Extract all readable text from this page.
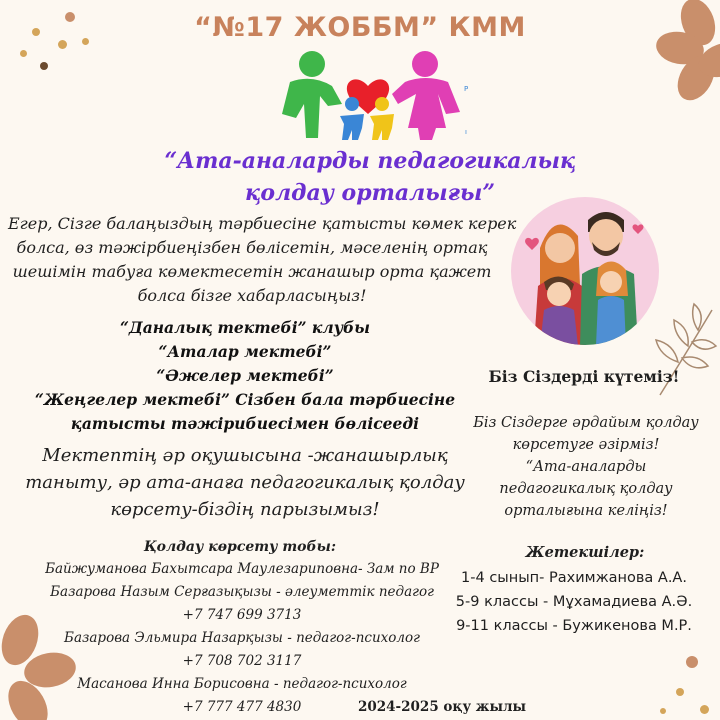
“№17 ЖОББМ” КММ
P
ı
“Ата-аналарды педагогикалық
қолдау орталығы”
Егер, Сізге балаңыздың тәрбиесіне қатысты көмек керек
болса, өз тәжірбиеңізбен бөлісетін, мәселенің ортақ
шешімін табуға көмектесетін жанашыр орта қажет
болса бізге хабарласыңыз!
“Даналық тектебі” клубы
“Аталар мектебі”
“Әжелер мектебі”
“Жеңгелер мектебі” Сізбен бала тәрбиесіне
қатысты тәжірибиесімен бөлісееді
Мектептің әр оқушысына -жанашырлық
таныту, әр ата-анаға педагогикалық қолдау
көрсету-біздің парызымыз!
Қолдау көрсету тобы:
Байжуманова Бахытсара Маулезариповна- Зам по ВР
Базарова Назым Серғазықызы - әлеуметтік педагог
+7 747 699 3713
Базарова Эльмира Назарқызы - педагог-психолог
+7 708 702 3117
Масанова Инна Борисовна - педагог-психолог
+7 777 477 4830	2024-2025 оқу жылы
Біз Сіздерді күтеміз!
Біз Сіздерге әрдайым қолдау
көрсетуге әзірміз!
“Ата-аналарды
педагогикалық қолдау
орталығына келіңіз!
Жетекшілер:
1-4 сынып- Рахимжанова А.А.
5-9 классы - Мұхамадиева А.Ә.
9-11 классы - Бужикенова М.Р.
